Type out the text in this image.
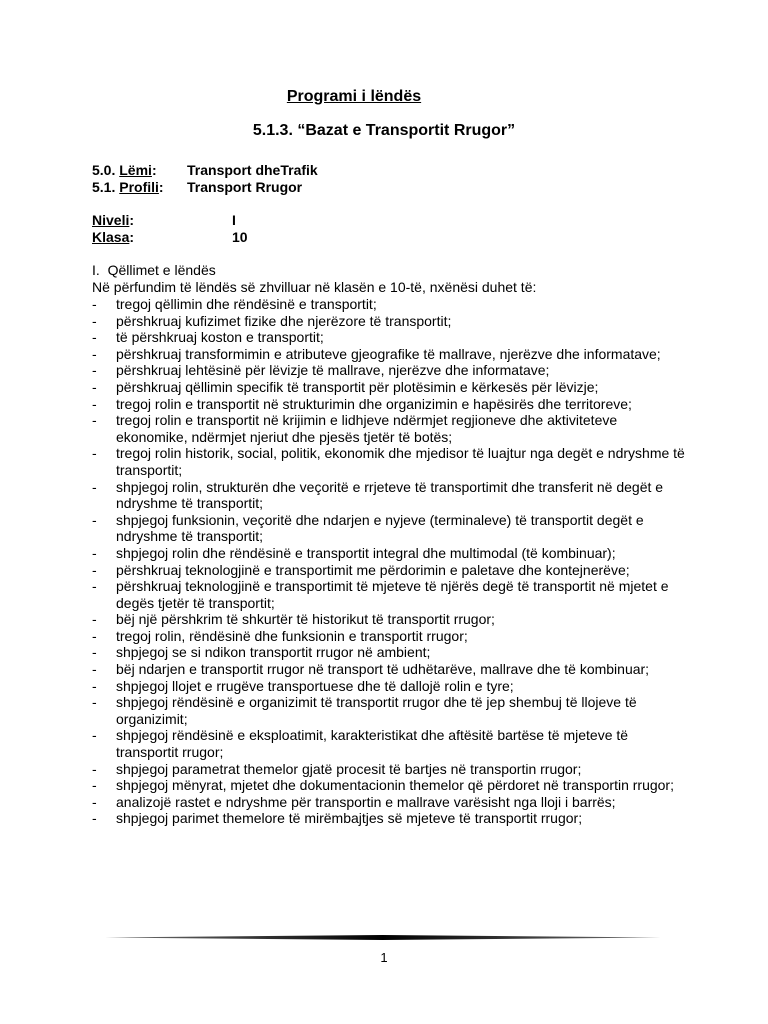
Programi i lëndës
5.1.3. “Bazat e Transportit Rrugor”
5.0. Lëmi: Transport dheTrafik
5.1. Profili: Transport Rrugor
Niveli:	I
Klasa:	10
I. Qëllimet e lëndës
Në përfundim të lëndës së zhvilluar në klasën e 10-të, nxënësi duhet të:
- tregoj qëllimin dhe rëndësinë e transportit;
- përshkruaj kufizimet fizike dhe njerëzore të transportit;
- të përshkruaj koston e transportit;
- përshkruaj transformimin e atributeve gjeografike të mallrave, njerëzve dhe informatave;
- përshkruaj lehtësinë për lëvizje të mallrave, njerëzve dhe informatave;
- përshkruaj qëllimin specifik të transportit për plotësimin e kërkesës për lëvizje;
- tregoj rolin e transportit në strukturimin dhe organizimin e hapësirës dhe territoreve;
- tregoj rolin e transportit në krijimin e lidhjeve ndërmjet regjioneve dhe aktiviteteve ekonomike, ndërmjet njeriut dhe pjesës tjetër të botës;
- tregoj rolin historik, social, politik, ekonomik dhe mjedisor të luajtur nga degët e ndryshme të transportit;
- shpjegoj rolin, strukturën dhe veçoritë e rrjeteve të transportimit dhe transferit në degët e ndryshme të transportit;
- shpjegoj funksionin, veçoritë dhe ndarjen e nyjeve (terminaleve) të transportit degët e ndryshme të transportit;
- shpjegoj rolin dhe rëndësinë e transportit integral dhe multimodal (të kombinuar);
- përshkruaj teknologjinë e transportimit me përdorimin e paletave dhe kontejnerëve;
- përshkruaj teknologjinë e transportimit të mjeteve të njërës degë të transportit në mjetet e degës tjetër të transportit;
- bëj një përshkrim të shkurtër të historikut të transportit rrugor;
- tregoj rolin, rëndësinë dhe funksionin e transportit rrugor;
- shpjegoj se si ndikon transportit rrugor në ambient;
- bëj ndarjen e transportit rrugor në transport të udhëtarëve, mallrave dhe të kombinuar;
- shpjegoj llojet e rrugëve transportuese dhe të dallojë rolin e tyre;
- shpjegoj rëndësinë e organizimit të transportit rrugor dhe të jep shembuj të llojeve të organizimit;
- shpjegoj rëndësinë e eksploatimit, karakteristikat dhe aftësitë bartëse të mjeteve të transportit rrugor;
- shpjegoj parametrat themelor gjatë procesit të bartjes në transportin rrugor;
- shpjegoj mënyrat, mjetet dhe dokumentacionin themelor që përdoret në transportin rrugor;
- analizojë rastet e ndryshme për transportin e mallrave varësisht nga lloji i barrës;
- shpjegoj parimet themelore të mirëmbajtjes së mjeteve të transportit rrugor;
1
